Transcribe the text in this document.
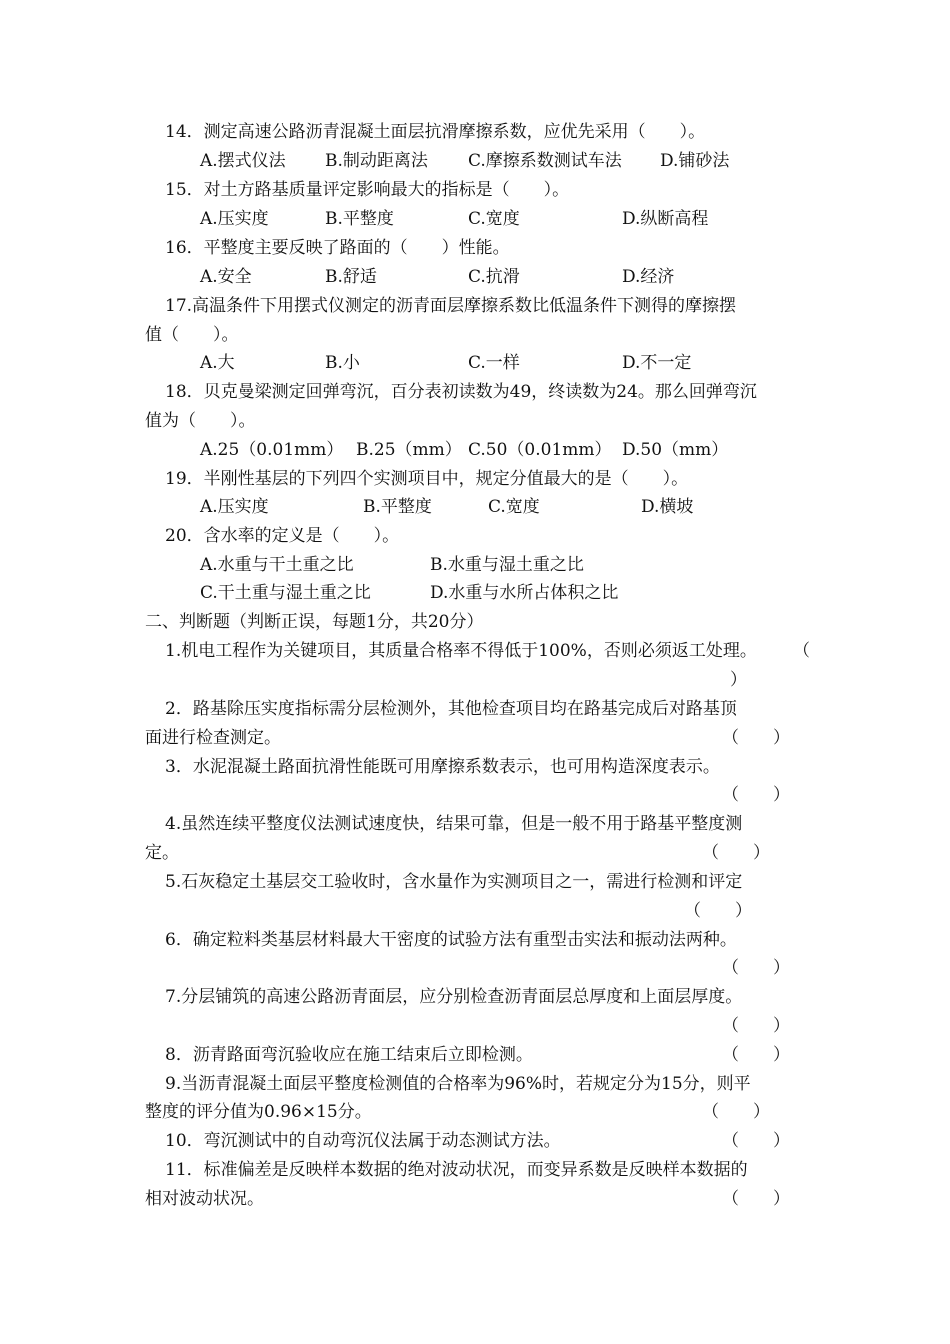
14．测定高速公路沥青混凝土面层抗滑摩擦系数，应优先采用（　　）。
A.摆式仪法 B.制动距离法 C.摩擦系数测试车法 D.铺砂法
15．对土方路基质量评定影响最大的指标是（　　）。
A.压实度	B.平整度	C.宽度	D.纵断高程
16．平整度主要反映了路面的（　　）性能。
A.安全	B.舒适	C.抗滑	D.经济
17.高温条件下用摆式仪测定的沥青面层摩擦系数比低温条件下测得的摩擦摆
值（　　）。
A.大	B.小	C.一样	D.不一定
18．贝克曼梁测定回弹弯沉，百分表初读数为49，终读数为24。那么回弹弯沉
值为（　　）。
A.25（0.01mm） B.25（mm） C.50（0.01mm） D.50（mm）
19．半刚性基层的下列四个实测项目中，规定分值最大的是（　　）。
A.压实度	B.平整度	C.宽度	D.横坡
20．含水率的定义是（　　）。
A.水重与干土重之比	B.水重与湿土重之比
C.干土重与湿土重之比	D.水重与水所占体积之比
二、判断题（判断正误，每题1分，共20分）
1.机电工程作为关键项目，其质量合格率不得低于100%，否则必须返工处理。 （
）
2．路基除压实度指标需分层检测外，其他检查项目均在路基完成后对路基顶
面进行检查测定。	（　　）
3．水泥混凝土路面抗滑性能既可用摩擦系数表示，也可用构造深度表示。
（　　）
4.虽然连续平整度仪法测试速度快，结果可靠，但是一般不用于路基平整度测
定。	（　　）
5.石灰稳定土基层交工验收时，含水量作为实测项目之一，需进行检测和评定
（　　）
6．确定粒料类基层材料最大干密度的试验方法有重型击实法和振动法两种。
（　　）
7.分层铺筑的高速公路沥青面层，应分别检查沥青面层总厚度和上面层厚度。
（　　）
8．沥青路面弯沉验收应在施工结束后立即检测。	（　　）
9.当沥青混凝土面层平整度检测值的合格率为96%时，若规定分为15分，则平
整度的评分值为0.96×15分。	（　　）
10．弯沉测试中的自动弯沉仪法属于动态测试方法。	（　　）
11．标准偏差是反映样本数据的绝对波动状况，而变异系数是反映样本数据的
相对波动状况。	（　　）
